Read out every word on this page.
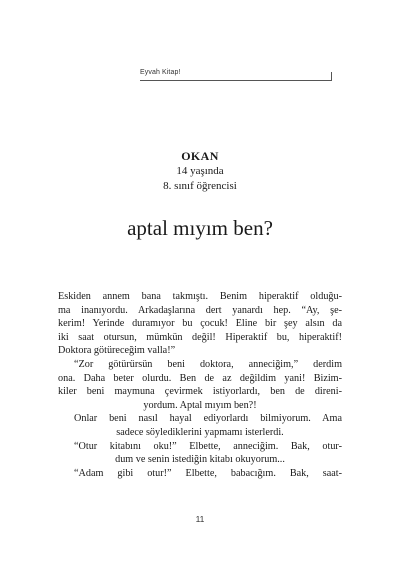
Eyvah Kitap!
OKAN
14 yaşında
8. sınıf öğrencisi
aptal mıyım ben?

Eskiden annem bana takmıştı. Benim hiperaktif olduğu-

ma inanıyordu. Arkadaşlarına dert yanardı hep. “Ay, şe-

kerim! Yerinde duramıyor bu çocuk! Eline bir şey alsın da

iki saat otursun, mümkün değil! Hiperaktif bu, hiperaktif!

Doktora götüreceğim valla!”

“Zor götürürsün beni doktora, anneciğim,” derdim

ona. Daha beter olurdu. Ben de az değildim yani! Bizim-

kiler beni maymuna çevirmek istiyorlardı, ben de direni-

yordum. Aptal mıyım ben?!

Onlar beni nasıl hayal ediyorlardı bilmiyorum. Ama

sadece söylediklerini yapmamı isterlerdi.

“Otur kitabını oku!” Elbette, anneciğim. Bak, otur-

dum ve senin istediğin kitabı okuyorum...

“Adam gibi otur!” Elbette, babacığım. Bak, saat-

11
